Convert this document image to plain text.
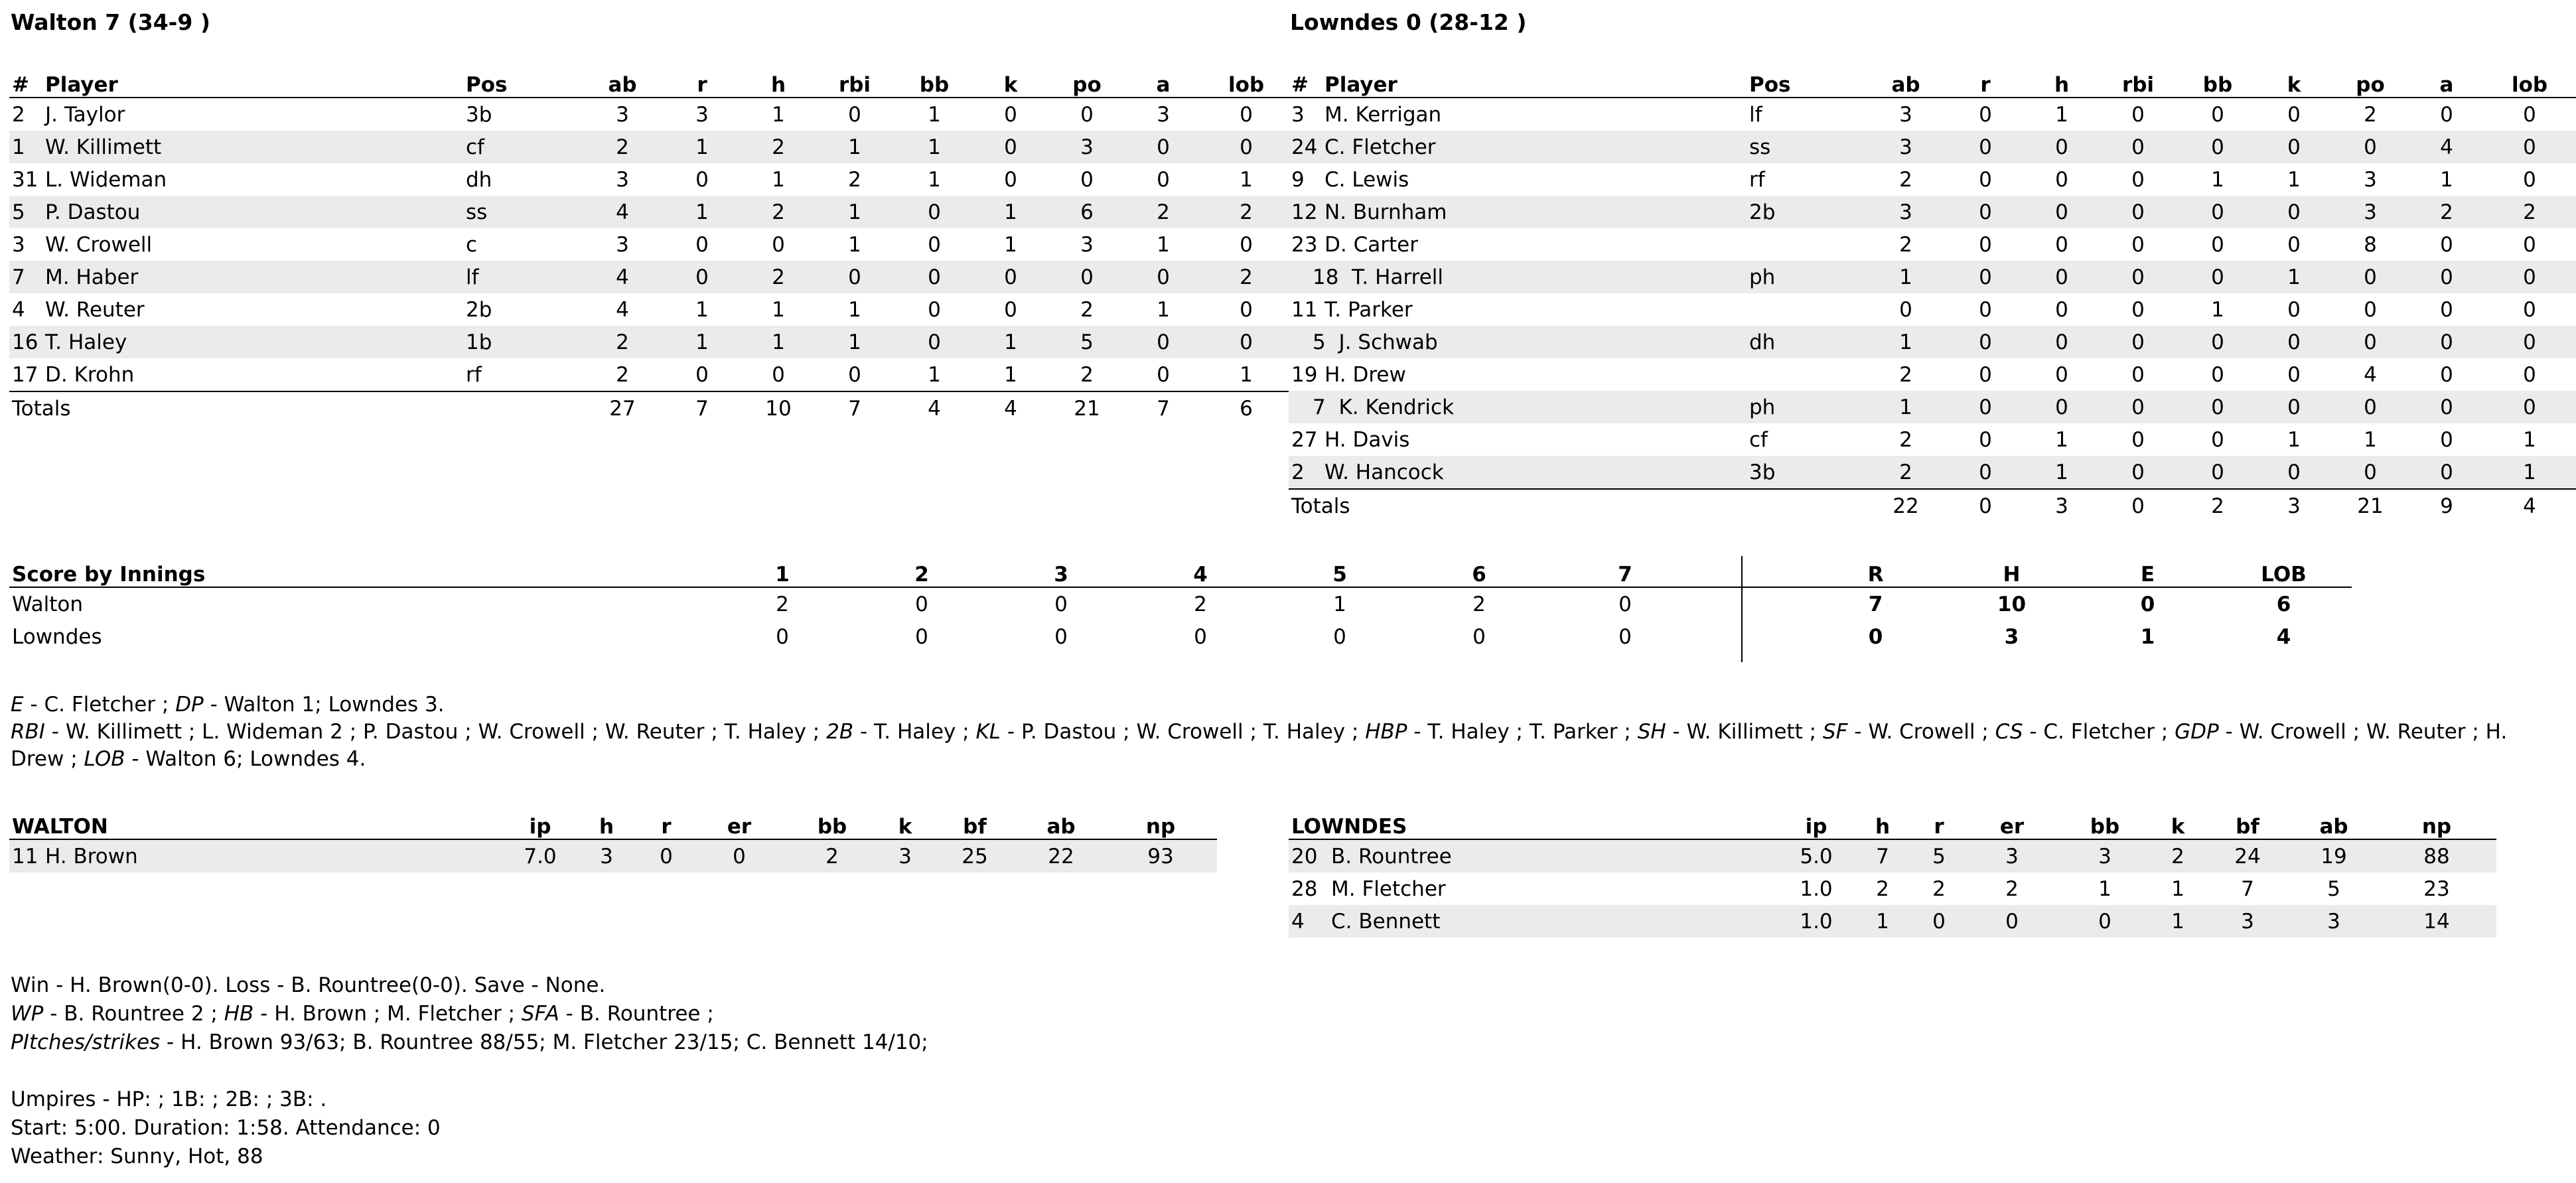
Walton 7 (34-9 )
#	Player	Pos	ab	r	h	rbi	bb	k	po	a	lob
2	J. Taylor	3b	3	3	1	0	1	0	0	3	0
1	W. Killimett	cf	2	1	2	1	1	0	3	0	0
31	L. Wideman	dh	3	0	1	2	1	0	0	0	1
5	P. Dastou	ss	4	1	2	1	0	1	6	2	2
3	W. Crowell	c	3	0	0	1	0	1	3	1	0
7	M. Haber	lf	4	0	2	0	0	0	0	0	2
4	W. Reuter	2b	4	1	1	1	0	0	2	1	0
16	T. Haley	1b	2	1	1	1	0	1	5	0	0
17	D. Krohn	rf	2	0	0	0	1	1	2	0	1
Totals			27	7	10	7	4	4	21	7	6
Lowndes 0 (28-12 )
#	Player	Pos	ab	r	h	rbi	bb	k	po	a	lob
3	M. Kerrigan	lf	3	0	1	0	0	0	2	0	0
24	C. Fletcher	ss	3	0	0	0	0	0	0	4	0
9	C. Lewis	rf	2	0	0	0	1	1	3	1	0
12	N. Burnham	2b	3	0	0	0	0	0	3	2	2
23	D. Carter		2	0	0	0	0	0	8	0	0
	18 T. Harrell	ph	1	0	0	0	0	1	0	0	0
11	T. Parker		0	0	0	0	1	0	0	0	0
	5 J. Schwab	dh	1	0	0	0	0	0	0	0	0
19	H. Drew		2	0	0	0	0	0	4	0	0
	7 K. Kendrick	ph	1	0	0	0	0	0	0	0	0
27	H. Davis	cf	2	0	1	0	0	1	1	0	1
2	W. Hancock	3b	2	0	1	0	0	0	0	0	1
Totals			22	0	3	0	2	3	21	9	4
Score by Innings	1	2	3	4	5	6	7		R	H	E	LOB
Walton	2	0	0	2	1	2	0		7	10	0	6
Lowndes	0	0	0	0	0	0	0		0	3	1	4
E - C. Fletcher ; DP - Walton 1; Lowndes 3.
RBI - W. Killimett ; L. Wideman 2 ; P. Dastou ; W. Crowell ; W. Reuter ; T. Haley ; 2B - T. Haley ; KL - P. Dastou ; W. Crowell ; T. Haley ; HBP - T. Haley ; T. Parker ; SH - W. Killimett ; SF - W. Crowell ; CS - C. Fletcher ; GDP - W. Crowell ; W. Reuter ; H.
Drew ; LOB - Walton 6; Lowndes 4.
WALTON		ip	h	r	er	bb	k	bf	ab	np
11	H. Brown	7.0	3	0	0	2	3	25	22	93
LOWNDES		ip	h	r	er	bb	k	bf	ab	np
20	B. Rountree	5.0	7	5	3	3	2	24	19	88
28	M. Fletcher	1.0	2	2	2	1	1	7	5	23
4	C. Bennett	1.0	1	0	0	0	1	3	3	14
Win - H. Brown(0-0). Loss - B. Rountree(0-0). Save - None.
WP - B. Rountree 2 ; HB - H. Brown ; M. Fletcher ; SFA - B. Rountree ;
PItches/strikes - H. Brown 93/63; B. Rountree 88/55; M. Fletcher 23/15; C. Bennett 14/10;
Umpires - HP: ; 1B: ; 2B: ; 3B: .
Start: 5:00. Duration: 1:58. Attendance: 0
Weather: Sunny, Hot, 88
